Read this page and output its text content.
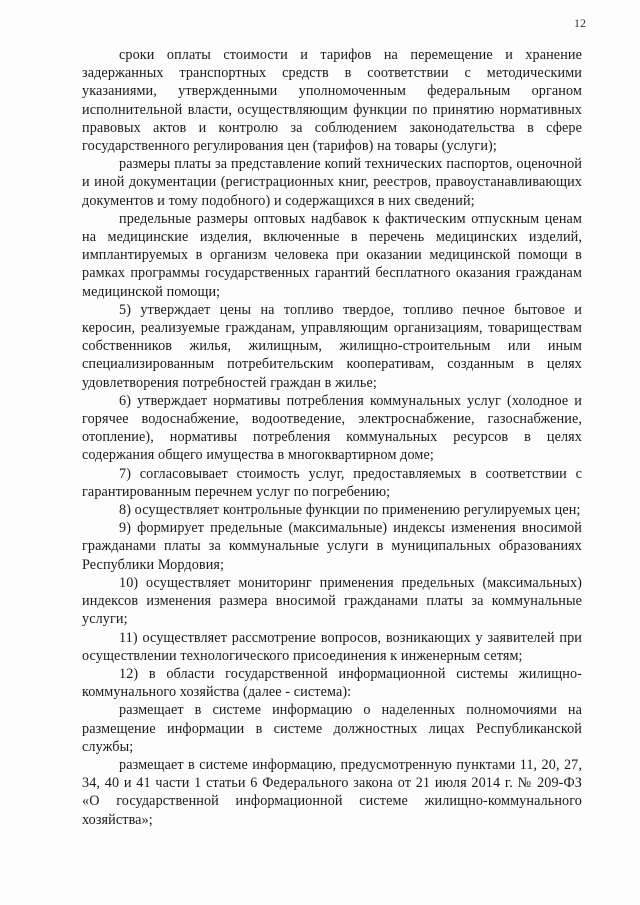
12

сроки оплаты стоимости и тарифов на перемещение и хранение задержанных транспортных средств в соответствии с методическими указаниями, утвержденными уполномоченным федеральным органом исполнительной власти, осуществляющим функции по принятию нормативных правовых актов и контролю за соблюдением законодательства в сфере государственного регулирования цен (тарифов) на товары (услуги);

размеры платы за представление копий технических паспортов, оценочной и иной документации (регистрационных книг, реестров, правоустанавливающих документов и тому подобного) и содержащихся в них сведений;

предельные размеры оптовых надбавок к фактическим отпускным ценам на медицинские изделия, включенные в перечень медицинских изделий, имплантируемых в организм человека при оказании медицинской помощи в рамках программы государственных гарантий бесплатного оказания гражданам медицинской помощи;

5) утверждает цены на топливо твердое, топливо печное бытовое и керосин, реализуемые гражданам, управляющим организациям, товариществам собственников жилья, жилищным, жилищно-строительным или иным специализированным потребительским кооперативам, созданным в целях удовлетворения потребностей граждан в жилье;

6) утверждает нормативы потребления коммунальных услуг (холодное и горячее водоснабжение, водоотведение, электроснабжение, газоснабжение, отопление), нормативы потребления коммунальных ресурсов в целях содержания общего имущества в многоквартирном доме;

7) согласовывает стоимость услуг, предоставляемых в соответствии с гарантированным перечнем услуг по погребению;

8) осуществляет контрольные функции по применению регулируемых цен;

9) формирует предельные (максимальные) индексы изменения вносимой гражданами платы за коммунальные услуги в муниципальных образованиях Республики Мордовия;

10) осуществляет мониторинг применения предельных (максимальных) индексов изменения размера вносимой гражданами платы за коммунальные услуги;

11) осуществляет рассмотрение вопросов, возникающих у заявителей при осуществлении технологического присоединения к инженерным сетям;

12) в области государственной информационной системы жилищно-коммунального хозяйства (далее - система):

размещает в системе информацию о наделенных полномочиями на размещение информации в системе должностных лицах Республиканской службы;

размещает в системе информацию, предусмотренную пунктами 11, 20, 27, 34, 40 и 41 части 1 статьи 6 Федерального закона от 21 июля 2014 г. № 209-ФЗ «О государственной информационной системе жилищно-коммунального хозяйства»;
